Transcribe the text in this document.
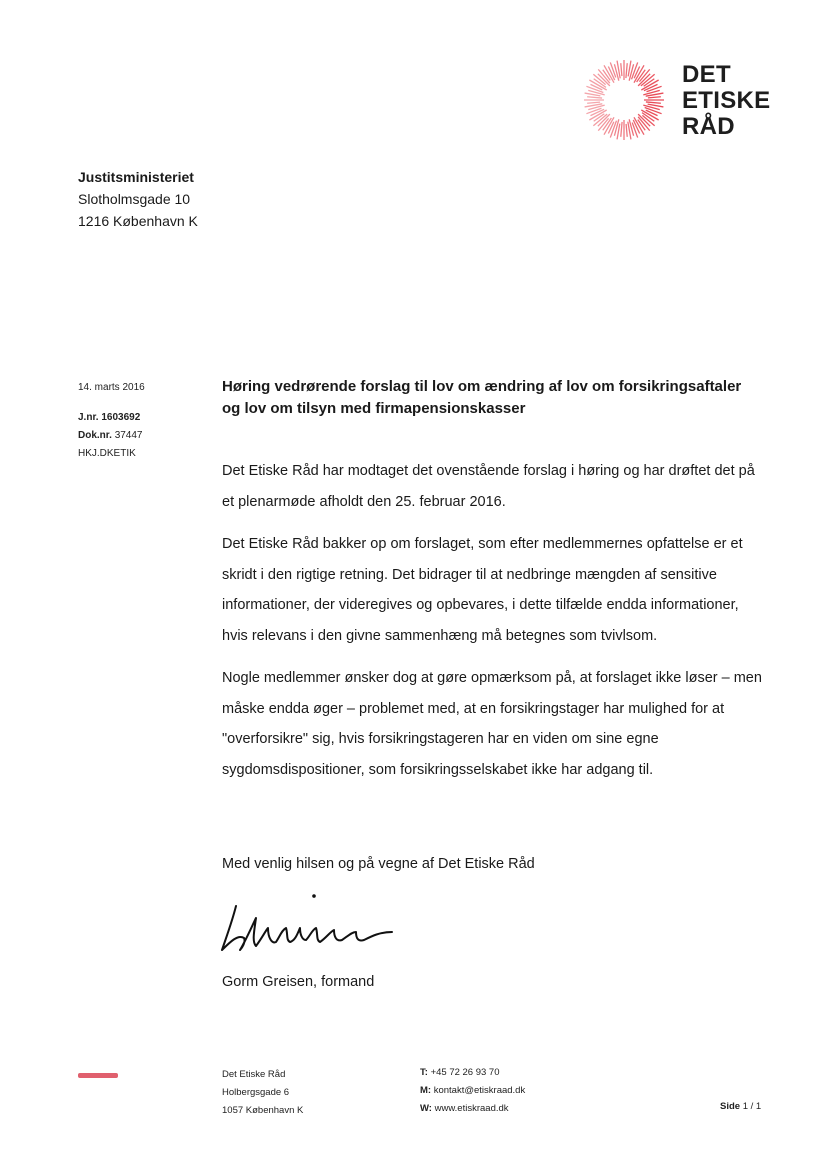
DET
ETISKE
RÅD
Justitsministeriet
Slotholmsgade 10
1216 København K
14. marts 2016
J.nr. 1603692
Dok.nr. 37447
HKJ.DKETIK
Høring vedrørende forslag til lov om ændring af lov om forsikringsaftaler og lov om tilsyn med firmapensionskasser

Det Etiske Råd har modtaget det ovenstående forslag i høring og har drøftet det på et plenarmøde afholdt den 25. februar 2016.

Det Etiske Råd bakker op om forslaget, som efter medlemmernes opfattelse er et skridt i den rigtige retning. Det bidrager til at nedbringe mængden af sensitive informationer, der videregives og opbevares, i dette tilfælde endda informationer, hvis relevans i den givne sammenhæng må betegnes som tvivlsom.

Nogle medlemmer ønsker dog at gøre opmærksom på, at forslaget ikke løser – men måske endda øger – problemet med, at en forsikringstager har mulighed for at "overforsikre" sig, hvis forsikringstageren har en viden om sine egne sygdomsdispositioner, som forsikringsselskabet ikke har adgang til.

Med venlig hilsen og på vegne af Det Etiske Råd
Gorm Greisen, formand
Det Etiske Råd
Holbergsgade 6
1057 København K
T: +45 72 26 93 70
M: kontakt@etiskraad.dk
W: www.etiskraad.dk	Side 1 / 1
